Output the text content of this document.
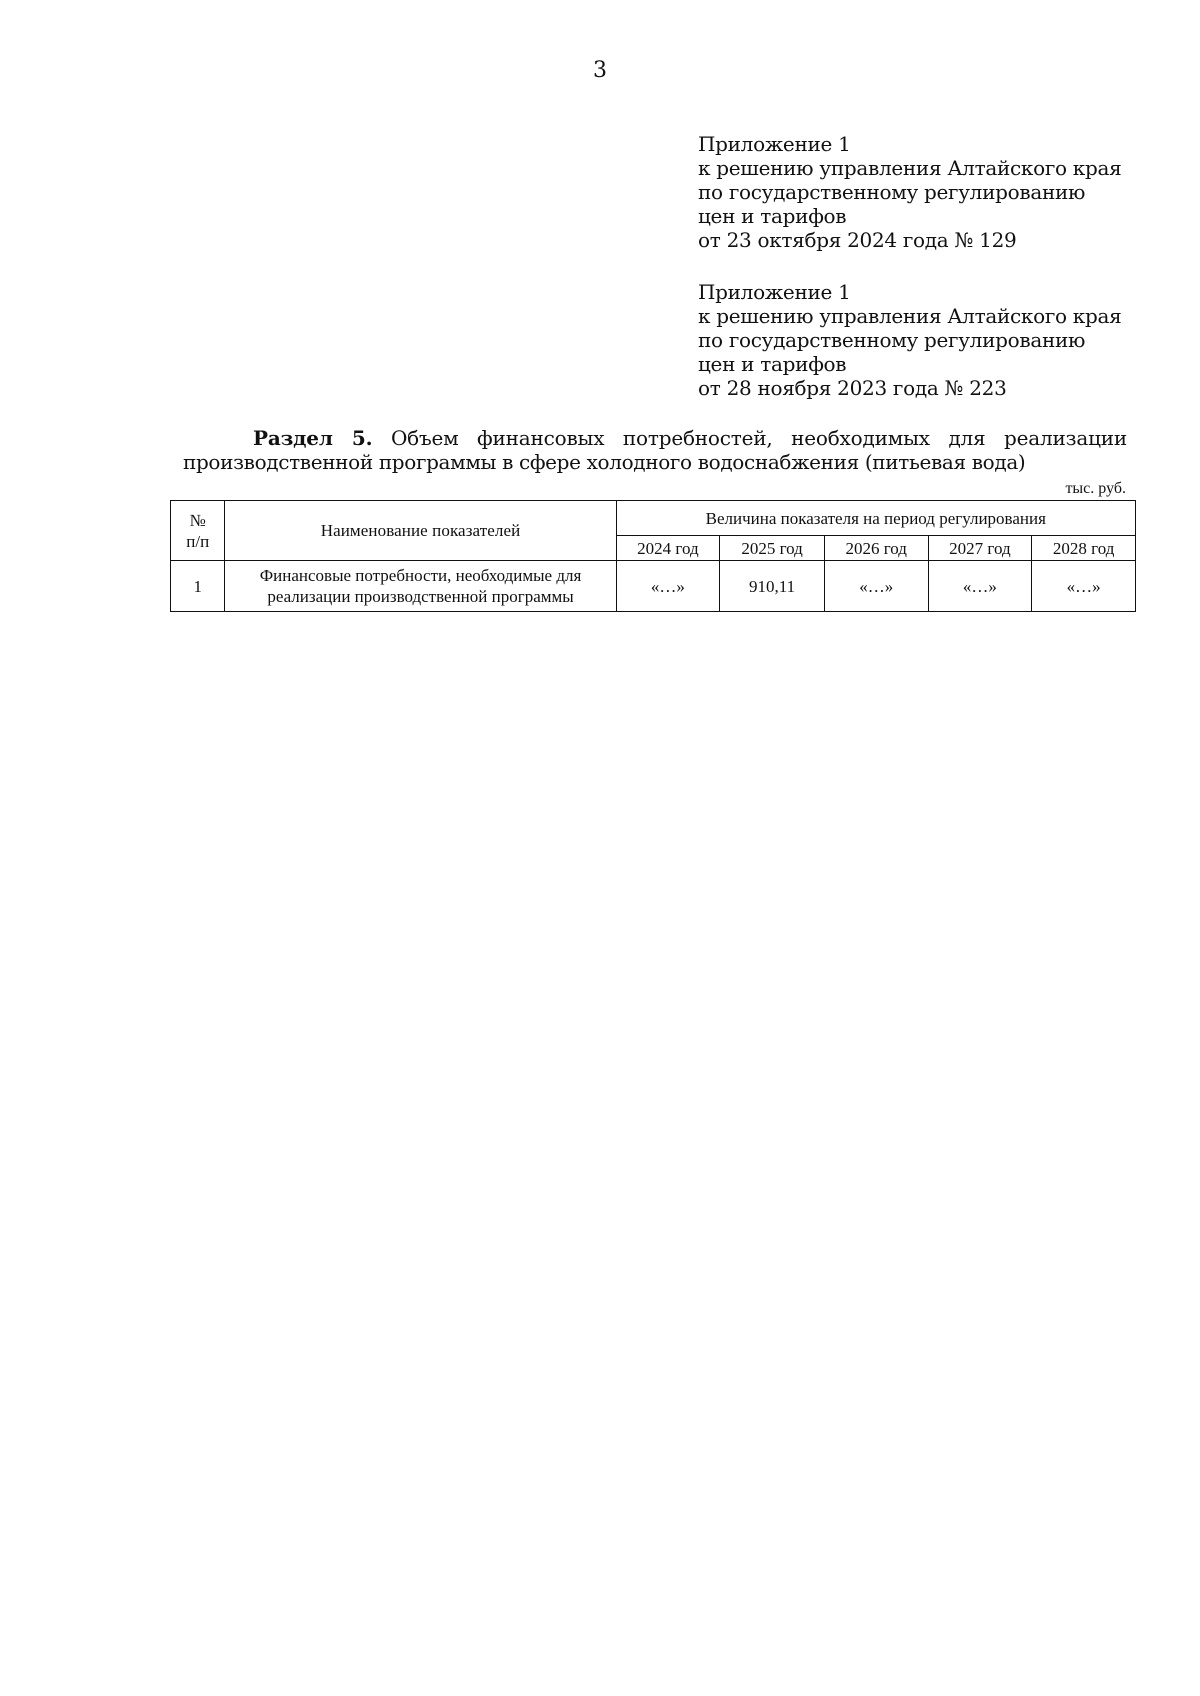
3
Приложение 1
к решению управления Алтайского края
по государственному регулированию
цен и тарифов
от 23 октября 2024 года № 129
Приложение 1
к решению управления Алтайского края
по государственному регулированию
цен и тарифов
от 28 ноября 2023 года № 223
Раздел 5. Объем финансовых потребностей, необходимых для реализации
производственной программы в сфере холодного водоснабжения (питьевая вода)
тыс. руб.
№
п/п	Наименование показателей	Величина показателя на период регулирования				
		2024 год	2025 год	2026 год	2027 год	2028 год
1	Финансовые потребности, необходимые для
реализации производственной программы	«…»	910,11	«…»	«…»	«…»
